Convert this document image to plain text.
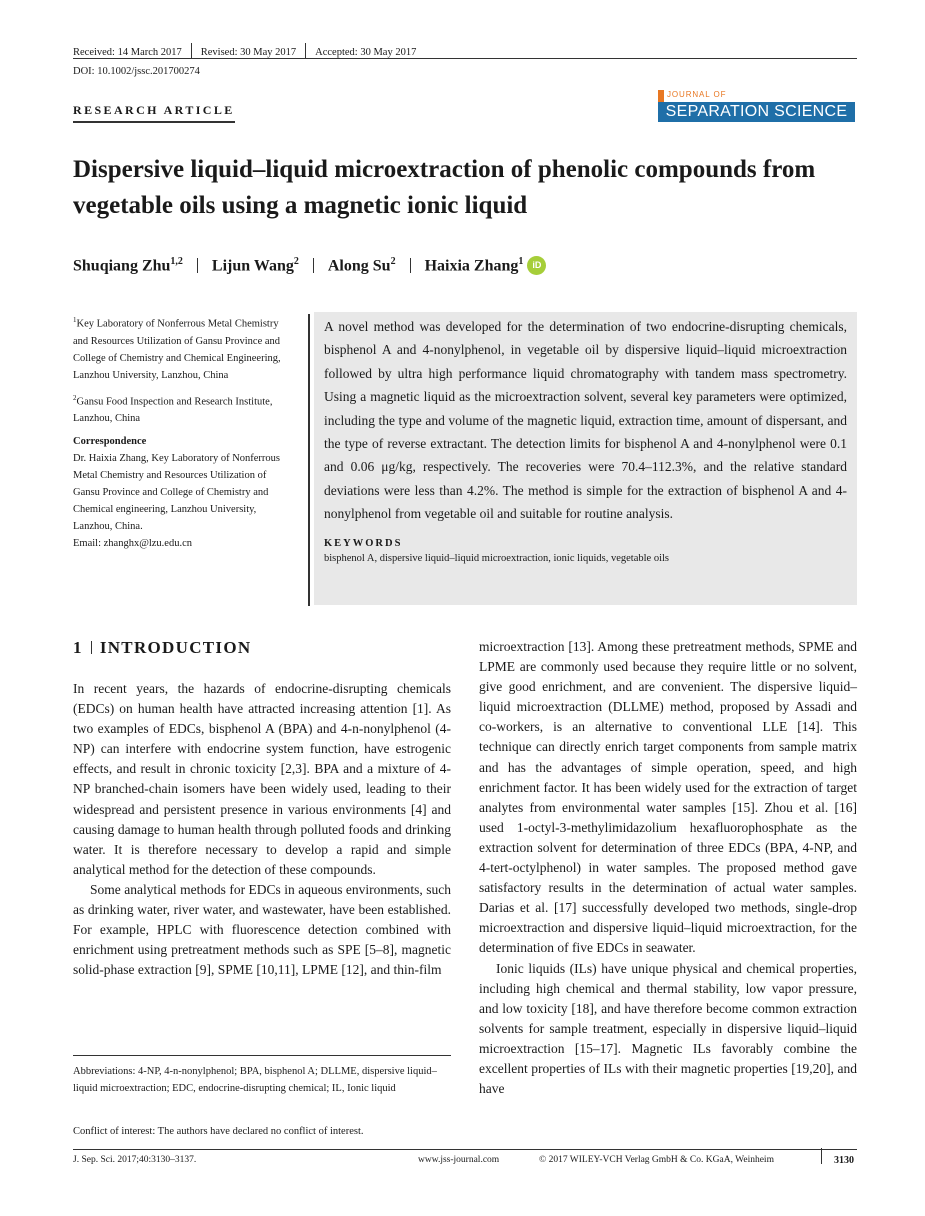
Received: 14 March 2017 Revised: 30 May 2017 Accepted: 30 May 2017
DOI: 10.1002/jssc.201700274
RESEARCH ARTICLE
JOURNAL OF
SEPARATION SCIENCE
Dispersive liquid–liquid microextraction of phenolic compounds from vegetable oils using a magnetic ionic liquid
Shuqiang Zhu$^{1,2}$ Lijun Wang$^2$ Along Su$^2$ Haixia Zhang$^1$	iD

$^1$Key Laboratory of Nonferrous Metal Chemistry and Resources Utilization of Gansu Province and College of Chemistry and Chemical Engineering, Lanzhou University, Lanzhou, China

$^2$Gansu Food Inspection and Research Institute, Lanzhou, China

Correspondence

Dr. Haixia Zhang, Key Laboratory of Nonferrous Metal Chemistry and Resources Utilization of Gansu Province and College of Chemistry and Chemical engineering, Lanzhou University, Lanzhou, China.

Email: zhanghx@lzu.edu.cn

A novel method was developed for the determination of two endocrine-disrupting chemicals, bisphenol A and 4-nonylphenol, in vegetable oil by dispersive liquid–liquid microextraction followed by ultra high performance liquid chromatography with tandem mass spectrometry. Using a magnetic liquid as the microextraction solvent, several key parameters were optimized, including the type and volume of the magnetic liquid, extraction time, amount of dispersant, and the type of reverse extractant. The detection limits for bisphenol A and 4-nonylphenol were 0.1 and 0.06 μg/kg, respectively. The recoveries were 70.4–112.3%, and the relative standard deviations were less than 4.2%. The method is simple for the extraction of bisphenol A and 4-nonylphenol from vegetable oil and suitable for routine analysis.

KEYWORDS
bisphenol A, dispersive liquid–liquid microextraction, ionic liquids, vegetable oils
1 INTRODUCTION

In recent years, the hazards of endocrine-disrupting chemicals (EDCs) on human health have attracted increasing attention [1]. As two examples of EDCs, bisphenol A (BPA) and 4-n-nonylphenol (4-NP) can interfere with endocrine system function, have estrogenic effects, and result in chronic toxicity [2,3]. BPA and a mixture of 4-NP branched-chain isomers have been widely used, leading to their widespread and persistent presence in various environments [4] and causing damage to human health through polluted foods and drinking water. It is therefore necessary to develop a rapid and simple analytical method for the detection of these compounds.

Some analytical methods for EDCs in aqueous environments, such as drinking water, river water, and wastewater, have been established. For example, HPLC with fluorescence detection combined with enrichment using pretreatment methods such as SPE [5–8], magnetic solid-phase extraction [9], SPME [10,11], LPME [12], and thin-film

microextraction [13]. Among these pretreatment methods, SPME and LPME are commonly used because they require little or no solvent, give good enrichment, and are convenient. The dispersive liquid–liquid microextraction (DLLME) method, proposed by Assadi and co-workers, is an alternative to conventional LLE [14]. This technique can directly enrich target components from sample matrix and has the advantages of simple operation, speed, and high enrichment factor. It has been widely used for the extraction of target analytes from environmental water samples [15]. Zhou et al. [16] used 1-octyl-3-methylimidazolium hexafluorophosphate as the extraction solvent for determination of three EDCs (BPA, 4-NP, and 4-tert-octylphenol) in water samples. The proposed method gave satisfactory results in the determination of actual water samples. Darias et al. [17] successfully developed two methods, single-drop microextraction and dispersive liquid–liquid microextraction, for the determination of five EDCs in seawater.

Ionic liquids (ILs) have unique physical and chemical properties, including high chemical and thermal stability, low vapor pressure, and low toxicity [18], and have therefore become common extraction solvents for sample treatment, especially in dispersive liquid–liquid microextraction [15–17]. Magnetic ILs favorably combine the excellent properties of ILs with their magnetic properties [19,20], and have

Abbreviations: 4-NP, 4-n-nonylphenol; BPA, bisphenol A; DLLME, dispersive liquid–liquid microextraction; EDC, endocrine-disrupting chemical; IL, Ionic liquid
Conflict of interest: The authors have declared no conflict of interest.
J. Sep. Sci. 2017;40:3130–3137.	www.jss-journal.com	© 2017 WILEY-VCH Verlag GmbH & Co. KGaA, Weinheim	3130
